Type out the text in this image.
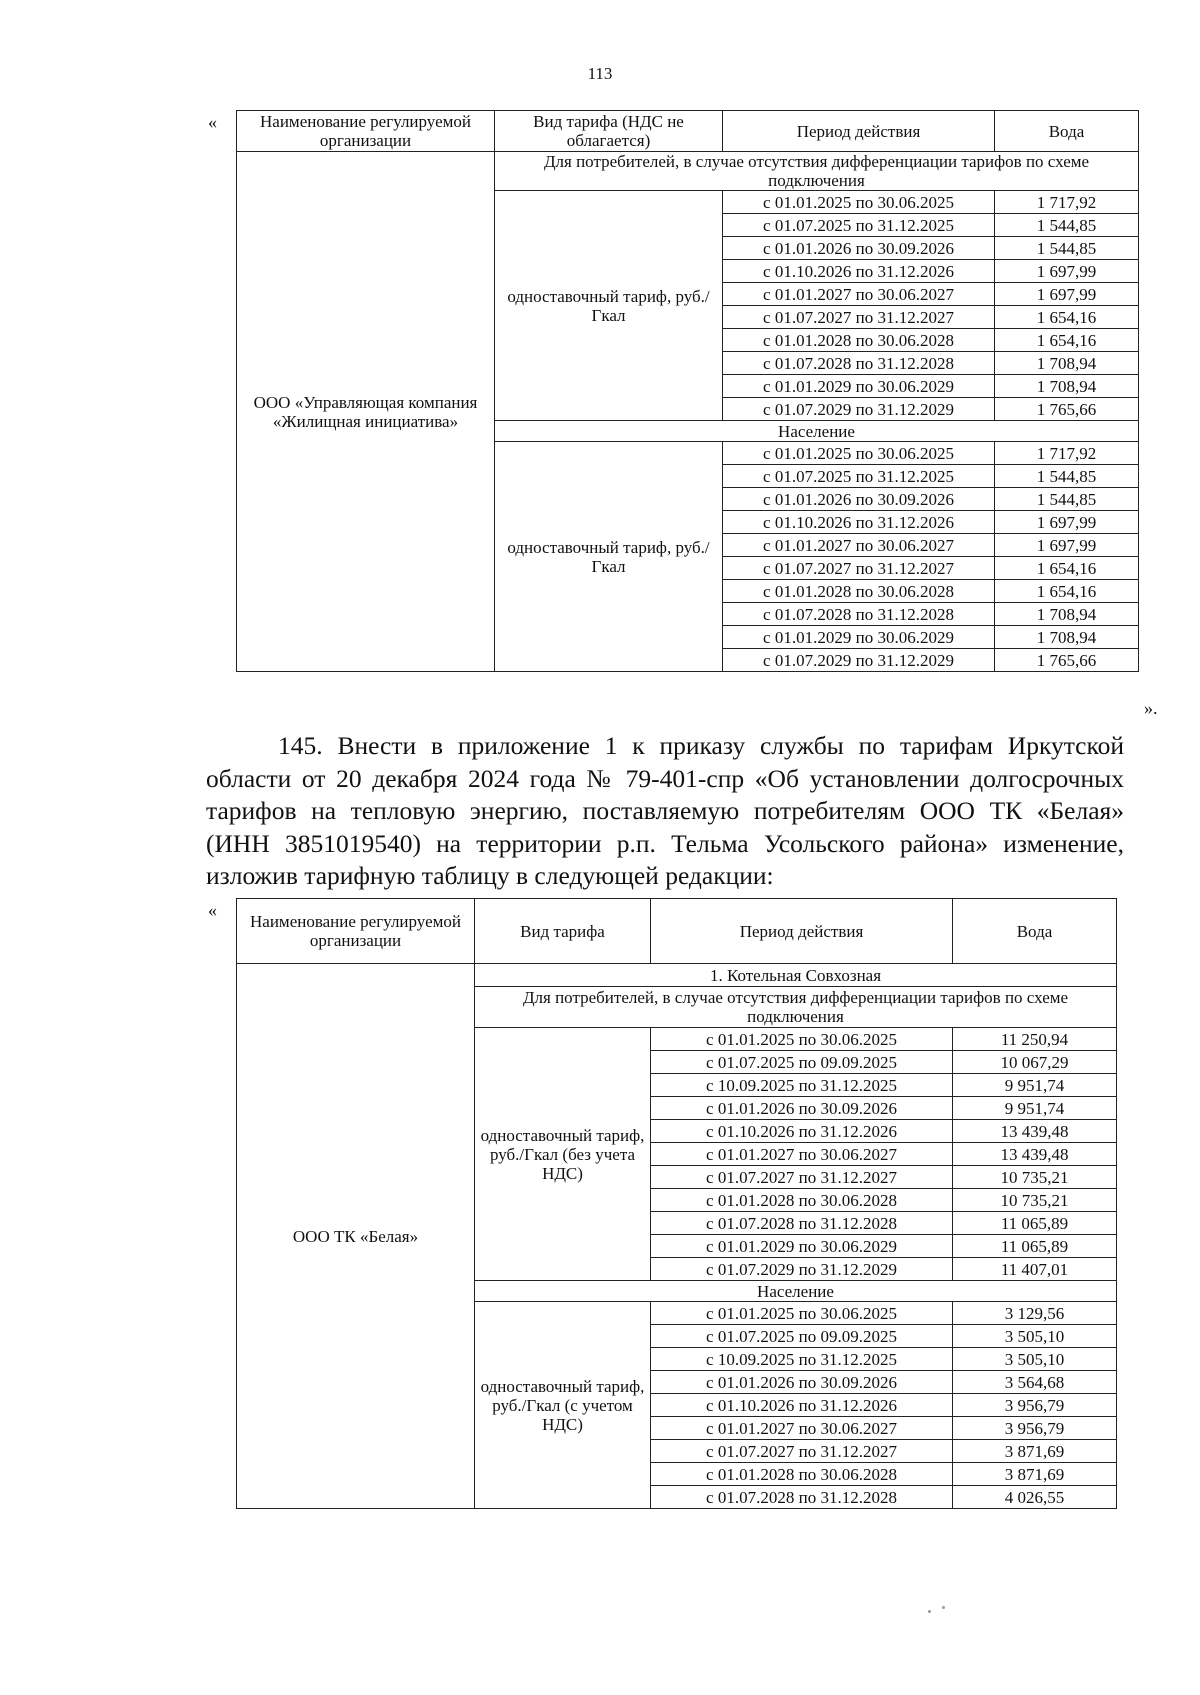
113
«	Наименование регулируемой организации	Вид тарифа (НДС не облагается)	Период действия	Вода
ООО «Управляющая компания «Жилищная инициатива»	Для потребителей, в случае отсутствия дифференциации тарифов по схеме подключения		
	одноставочный тариф, руб./Гкал	с 01.01.2025 по 30.06.2025	1 717,92
		с 01.07.2025 по 31.12.2025	1 544,85
		с 01.01.2026 по 30.09.2026	1 544,85
		с 01.10.2026 по 31.12.2026	1 697,99
		с 01.01.2027 по 30.06.2027	1 697,99
		с 01.07.2027 по 31.12.2027	1 654,16
		с 01.01.2028 по 30.06.2028	1 654,16
		с 01.07.2028 по 31.12.2028	1 708,94
		с 01.01.2029 по 30.06.2029	1 708,94
		с 01.07.2029 по 31.12.2029	1 765,66
	Население		
	одноставочный тариф, руб./Гкал	с 01.01.2025 по 30.06.2025	1 717,92
		с 01.07.2025 по 31.12.2025	1 544,85
		с 01.01.2026 по 30.09.2026	1 544,85
		с 01.10.2026 по 31.12.2026	1 697,99
		с 01.01.2027 по 30.06.2027	1 697,99
		с 01.07.2027 по 31.12.2027	1 654,16
		с 01.01.2028 по 30.06.2028	1 654,16
		с 01.07.2028 по 31.12.2028	1 708,94
		с 01.01.2029 по 30.06.2029	1 708,94
		с 01.07.2029 по 31.12.2029	1 765,66
».
145. Внести в приложение 1 к приказу службы по тарифам Иркутской области от 20 декабря 2024 года № 79-401-спр «Об установлении долгосрочных тарифов на тепловую энергию, поставляемую потребителям ООО ТК «Белая» (ИНН 3851019540) на территории р.п. Тельма Усольского района» изменение, изложив тарифную таблицу в следующей редакции:
«
Наименование регулируемой организации	Вид тарифа	Период действия	Вода
ООО ТК «Белая»	1. Котельная Совхозная		
	Для потребителей, в случае отсутствия дифференциации тарифов по схеме подключения		
	одноставочный тариф, руб./Гкал (без учета НДС)	с 01.01.2025 по 30.06.2025	11 250,94
		с 01.07.2025 по 09.09.2025	10 067,29
		с 10.09.2025 по 31.12.2025	9 951,74
		с 01.01.2026 по 30.09.2026	9 951,74
		с 01.10.2026 по 31.12.2026	13 439,48
		с 01.01.2027 по 30.06.2027	13 439,48
		с 01.07.2027 по 31.12.2027	10 735,21
		с 01.01.2028 по 30.06.2028	10 735,21
		с 01.07.2028 по 31.12.2028	11 065,89
		с 01.01.2029 по 30.06.2029	11 065,89
		с 01.07.2029 по 31.12.2029	11 407,01
	Население		
	одноставочный тариф, руб./Гкал (с учетом НДС)	с 01.01.2025 по 30.06.2025	3 129,56
		с 01.07.2025 по 09.09.2025	3 505,10
		с 10.09.2025 по 31.12.2025	3 505,10
		с 01.01.2026 по 30.09.2026	3 564,68
		с 01.10.2026 по 31.12.2026	3 956,79
		с 01.01.2027 по 30.06.2027	3 956,79
		с 01.07.2027 по 31.12.2027	3 871,69
		с 01.01.2028 по 30.06.2028	3 871,69
		с 01.07.2028 по 31.12.2028	4 026,55
